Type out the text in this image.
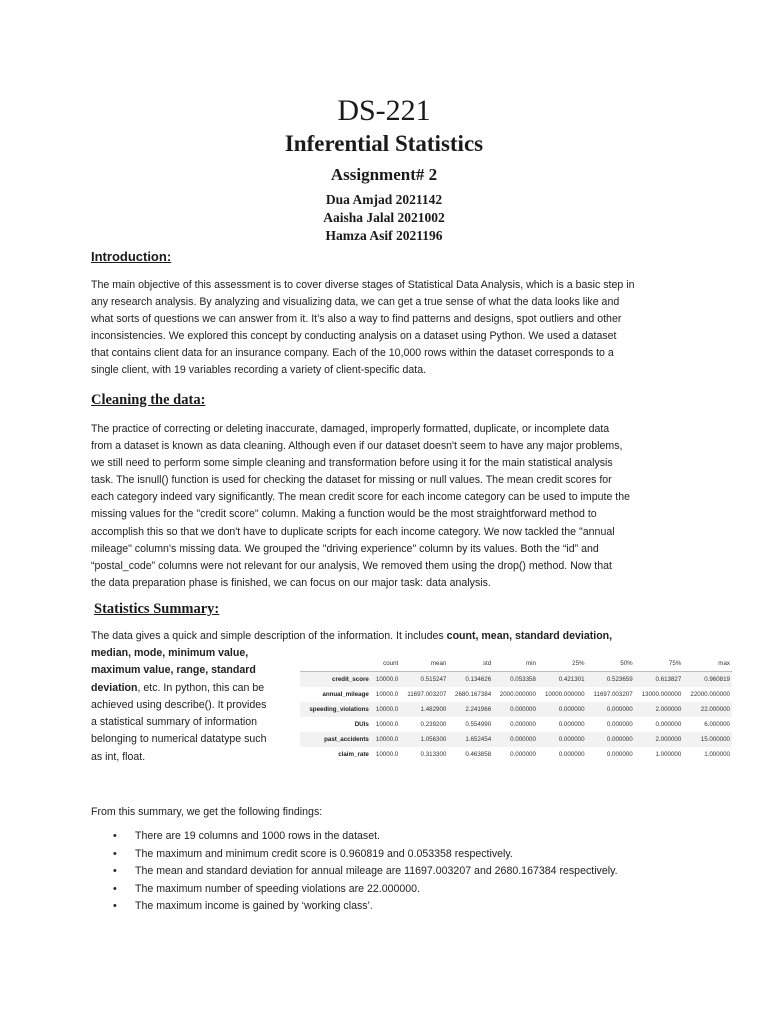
DS-221
Inferential Statistics
Assignment# 2
Dua Amjad 2021142
Aaisha Jalal 2021002
Hamza Asif 2021196
Introduction:
The main objective of this assessment is to cover diverse stages of Statistical Data Analysis, which is a basic step in
any research analysis. By analyzing and visualizing data, we can get a true sense of what the data looks like and
what sorts of questions we can answer from it. It’s also a way to find patterns and designs, spot outliers and other
inconsistencies. We explored this concept by conducting analysis on a dataset using Python. We used a dataset
that contains client data for an insurance company. Each of the 10,000 rows within the dataset corresponds to a
single client, with 19 variables recording a variety of client-specific data.
Cleaning the data:
The practice of correcting or deleting inaccurate, damaged, improperly formatted, duplicate, or incomplete data
from a dataset is known as data cleaning. Although even if our dataset doesn't seem to have any major problems,
we still need to perform some simple cleaning and transformation before using it for the main statistical analysis
task. The isnull() function is used for checking the dataset for missing or null values. The mean credit scores for
each category indeed vary significantly. The mean credit score for each income category can be used to impute the
missing values for the "credit score" column. Making a function would be the most straightforward method to
accomplish this so that we don't have to duplicate scripts for each income category. We now tackled the "annual
mileage" column's missing data. We grouped the "driving experience" column by its values. Both the “id” and
“postal_code” columns were not relevant for our analysis, We removed them using the drop() method. Now that
the data preparation phase is finished, we can focus on our major task: data analysis.
Statistics Summary:
The data gives a quick and simple description of the information. It includes count, mean, standard deviation,
median, mode, minimum value,
maximum value, range, standard
deviation, etc. In python, this can be
achieved using describe(). It provides
a statistical summary of information
belonging to numerical datatype such
as int, float.
	count	mean	std	min	25%	50%	75%	max
credit_score	10000.0	0.515247	0.134626	0.053358	0.421301	0.523659	0.613827	0.960819
annual_mileage	10000.0	11697.003207	2680.167384	2000.000000	10000.000000	11697.003207	13000.000000	22000.000000
speeding_violations	10000.0	1.482900	2.241966	0.000000	0.000000	0.000000	2.000000	22.000000
DUIs	10000.0	0.239200	0.554990	0.000000	0.000000	0.000000	0.000000	6.000000
past_accidents	10000.0	1.056300	1.652454	0.000000	0.000000	0.000000	2.000000	15.000000
claim_rate	10000.0	0.313300	0.463858	0.000000	0.000000	0.000000	1.000000	1.000000
From this summary, we get the following findings:
• There are 19 columns and 1000 rows in the dataset.
• The maximum and minimum credit score is 0.960819 and 0.053358 respectively.
• The mean and standard deviation for annual mileage are 11697.003207 and 2680.167384 respectively.
• The maximum number of speeding violations are 22.000000.
• The maximum income is gained by ‘working class’.
